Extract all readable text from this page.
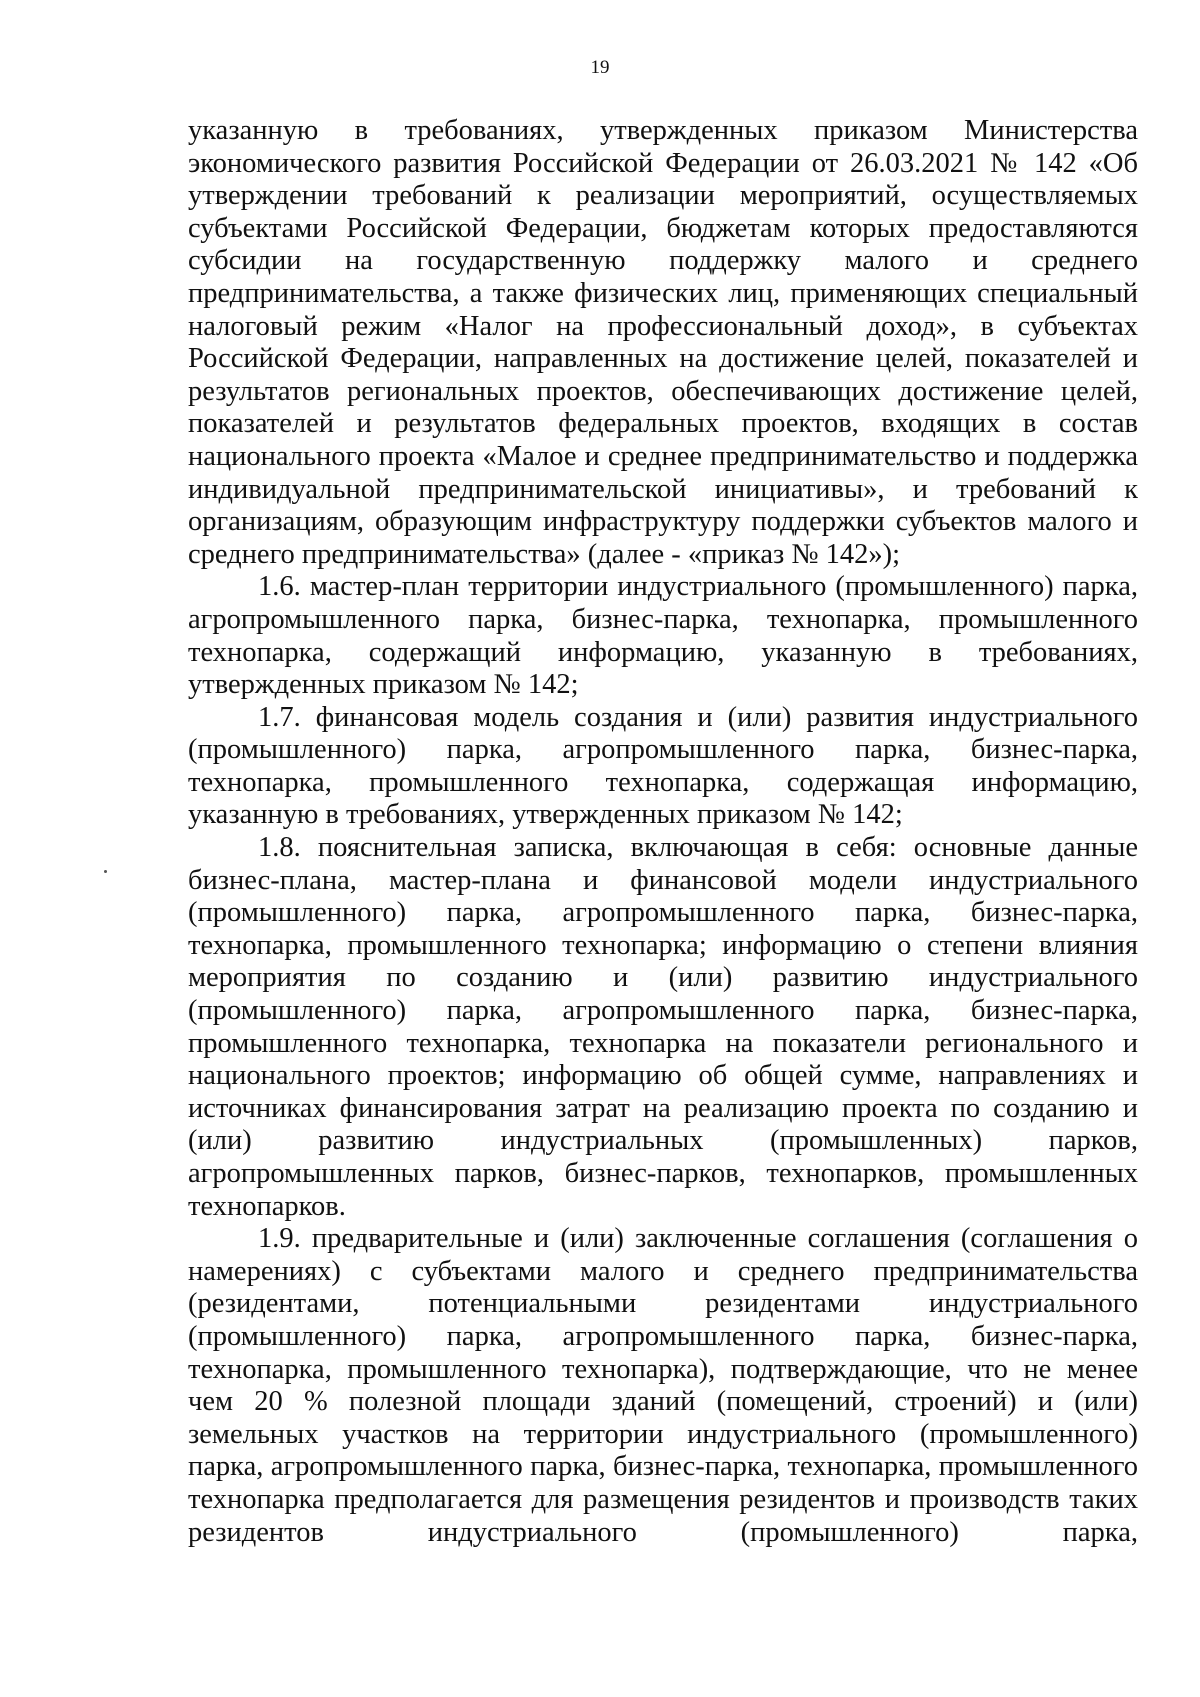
19

указанную в требованиях, утвержденных приказом Министерства экономического развития Российской Федерации от 26.03.2021 № 142 «Об утверждении требований к реализации мероприятий, осуществляемых субъектами Российской Федерации, бюджетам которых предоставляются субсидии на государственную поддержку малого и среднего предпринимательства, а также физических лиц, применяющих специальный налоговый режим «Налог на профессиональный доход», в субъектах Российской Федерации, направленных на достижение целей, показателей и результатов региональных проектов, обеспечивающих достижение целей, показателей и результатов федеральных проектов, входящих в состав национального проекта «Малое и среднее предпринимательство и поддержка индивидуальной предпринимательской инициативы», и требований к организациям, образующим инфраструктуру поддержки субъектов малого и среднего предпринимательства» (далее - «приказ № 142»);

1.6. мастер-план территории индустриального (промышленного) парка, агропромышленного парка, бизнес-парка, технопарка, промышленного технопарка, содержащий информацию, указанную в требованиях, утвержденных приказом № 142;

1.7. финансовая модель создания и (или) развития индустриального (промышленного) парка, агропромышленного парка, бизнес-парка, технопарка, промышленного технопарка, содержащая информацию, указанную в требованиях, утвержденных приказом № 142;

1.8. пояснительная записка, включающая в себя: основные данные бизнес-плана, мастер-плана и финансовой модели индустриального (промышленного) парка, агропромышленного парка, бизнес-парка, технопарка, промышленного технопарка; информацию о степени влияния мероприятия по созданию и (или) развитию индустриального (промышленного) парка, агропромышленного парка, бизнес-парка, промышленного технопарка, технопарка на показатели регионального и национального проектов; информацию об общей сумме, направлениях и источниках финансирования затрат на реализацию проекта по созданию и (или) развитию индустриальных (промышленных) парков, агропромышленных парков, бизнес-парков, технопарков, промышленных технопарков.

1.9. предварительные и (или) заключенные соглашения (соглашения о намерениях) с субъектами малого и среднего предпринимательства (резидентами, потенциальными резидентами индустриального (промышленного) парка, агропромышленного парка, бизнес-парка, технопарка, промышленного технопарка), подтверждающие, что не менее чем 20 % полезной площади зданий (помещений, строений) и (или) земельных участков на территории индустриального (промышленного) парка, агропромышленного парка, бизнес-парка, технопарка, промышленного технопарка предполагается для размещения резидентов и производств таких резидентов индустриального (промышленного) парка,
